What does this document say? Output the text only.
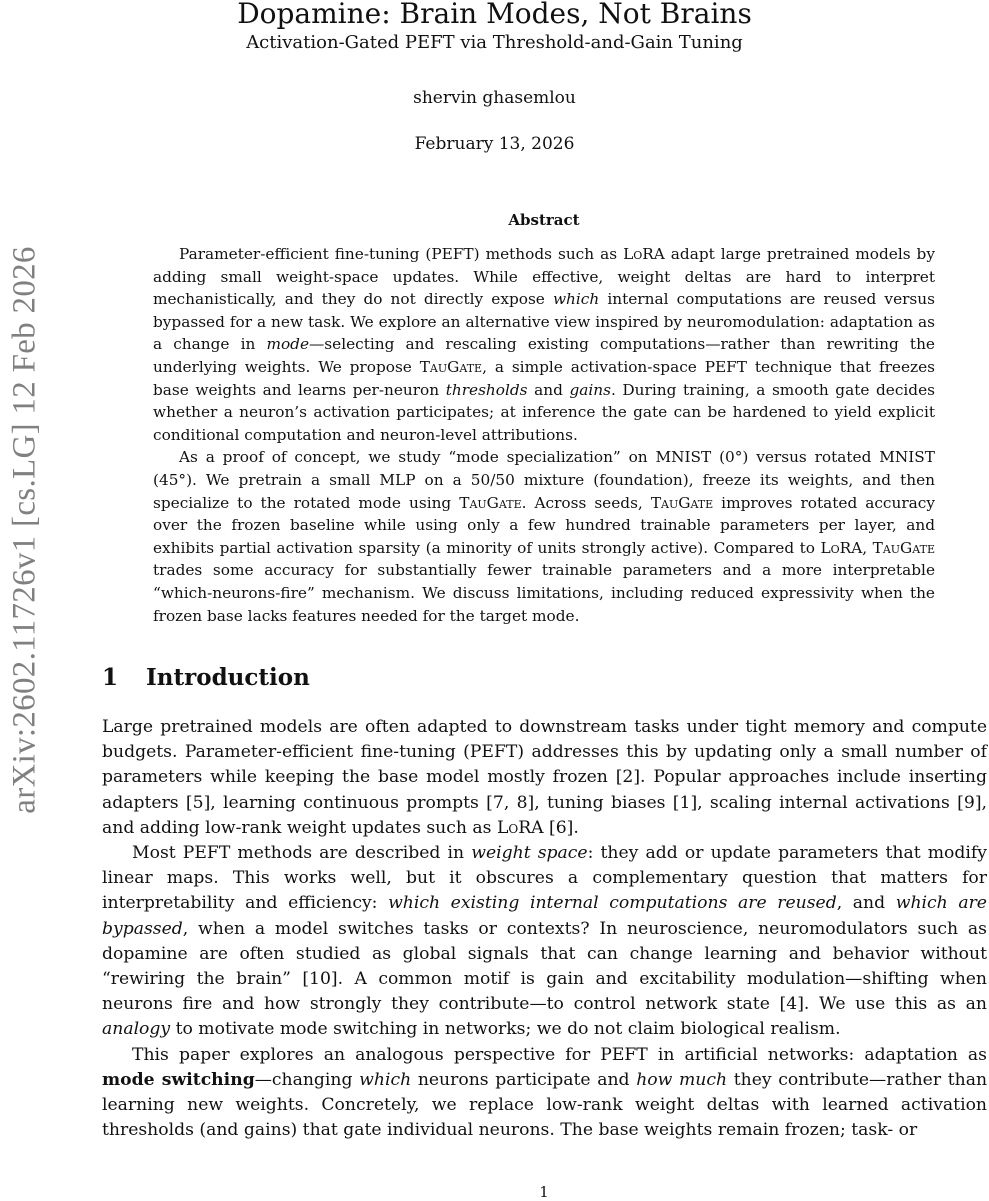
arXiv:2602.11726v1 [cs.LG] 12 Feb 2026
Dopamine: Brain Modes, Not Brains
Activation-Gated PEFT via Threshold-and-Gain Tuning
shervin ghasemlou
February 13, 2026
Abstract

Parameter-efficient fine-tuning (PEFT) methods such as LoRA adapt large pretrained models by adding small weight-space updates. While effective, weight deltas are hard to interpret mechanistically, and they do not directly expose which internal computations are reused versus bypassed for a new task. We explore an alternative view inspired by neuromodulation: adaptation as a change in mode—selecting and rescaling existing computations—rather than rewriting the underlying weights. We propose TauGate, a simple activation-space PEFT technique that freezes base weights and learns per-neuron thresholds and gains. During training, a smooth gate decides whether a neuron’s activation participates; at inference the gate can be hardened to yield explicit conditional computation and neuron-level attributions.

As a proof of concept, we study “mode specialization” on MNIST (0°) versus rotated MNIST (45°). We pretrain a small MLP on a 50/50 mixture (foundation), freeze its weights, and then specialize to the rotated mode using TauGate. Across seeds, TauGate improves rotated accuracy over the frozen baseline while using only a few hundred trainable parameters per layer, and exhibits partial activation sparsity (a minority of units strongly active). Compared to LoRA, TauGate trades some accuracy for substantially fewer trainable parameters and a more interpretable “which-neurons-fire” mechanism. We discuss limitations, including reduced expressivity when the frozen base lacks features needed for the target mode.

1 Introduction

Large pretrained models are often adapted to downstream tasks under tight memory and compute budgets. Parameter-efficient fine-tuning (PEFT) addresses this by updating only a small number of parameters while keeping the base model mostly frozen [2]. Popular approaches include inserting adapters [5], learning continuous prompts [7, 8], tuning biases [1], scaling internal activations [9], and adding low-rank weight updates such as LoRA [6].

Most PEFT methods are described in weight space: they add or update parameters that modify linear maps. This works well, but it obscures a complementary question that matters for interpretability and efficiency: which existing internal computations are reused, and which are bypassed, when a model switches tasks or contexts? In neuroscience, neuromodulators such as dopamine are often studied as global signals that can change learning and behavior without “rewiring the brain” [10]. A common motif is gain and excitability modulation—shifting when neurons fire and how strongly they contribute—to control network state [4]. We use this as an analogy to motivate mode switching in networks; we do not claim biological realism.

This paper explores an analogous perspective for PEFT in artificial networks: adaptation as mode switching—changing which neurons participate and how much they contribute—rather than learning new weights. Concretely, we replace low-rank weight deltas with learned activation thresholds (and gains) that gate individual neurons. The base weights remain frozen; task- or

1
